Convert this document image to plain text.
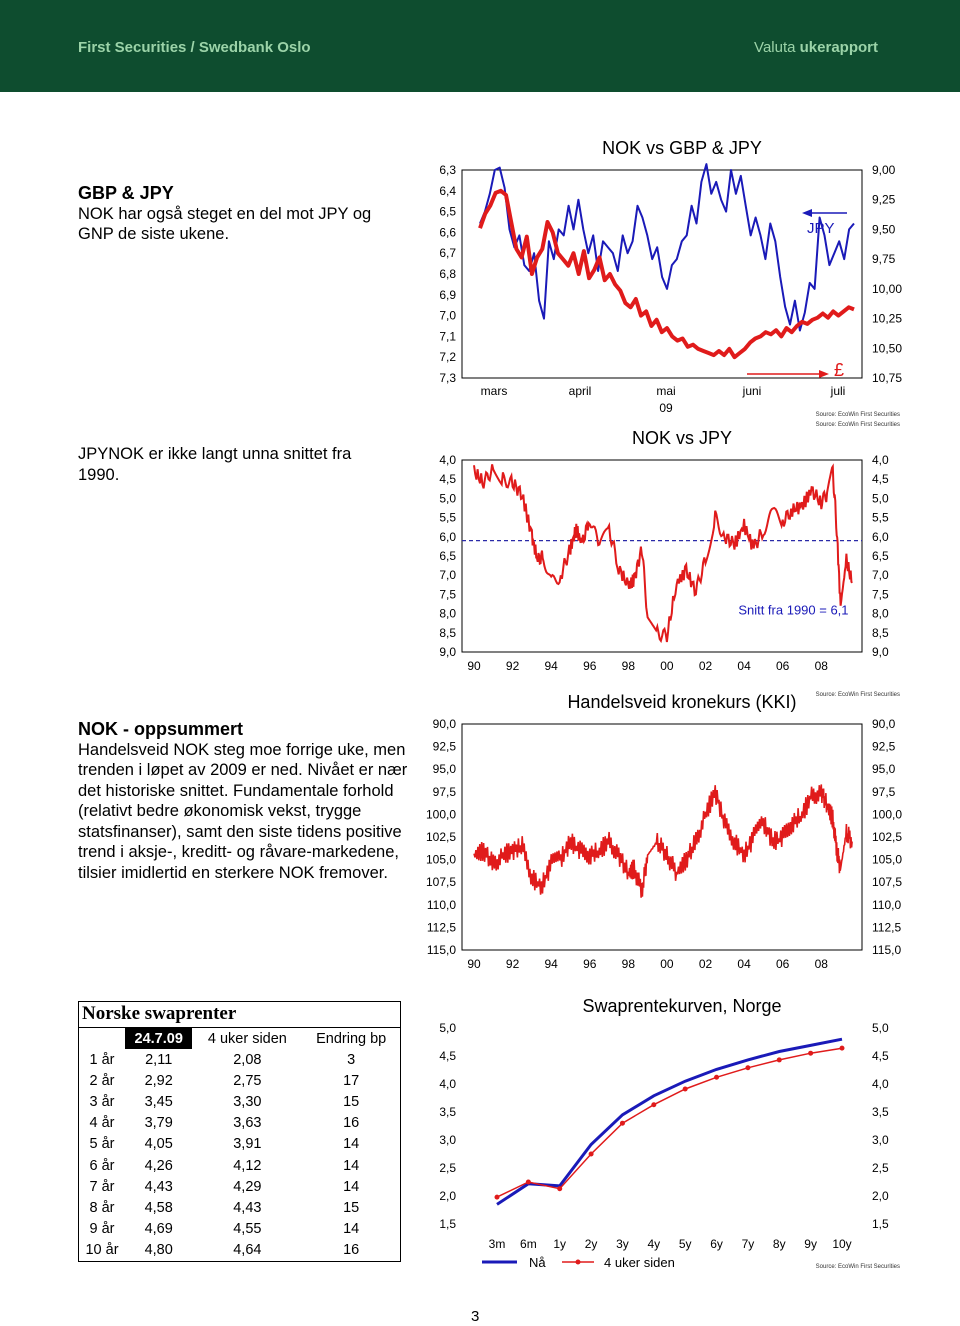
First Securities / Swedbank Oslo	Valuta ukerapport
GBP & JPY

NOK har også steget en del mot JPY og GNP de siste ukene.

JPYNOK er ikke langt unna snittet fra 1990.

NOK - oppsummert

Handelsveid NOK steg moe forrige uke, men trenden i løpet av 2009 er ned. Nivået er nær det historiske snittet. Fundamentale forhold (relativt bedre økonomisk vekst, trygge statsfinanser), samt den siste tidens positive trend i aksje-, kreditt- og råvare-markedene, tilsier imidlertid en sterkere NOK fremover.

NOK vs GBP & JPY
6,3
6,4
6,5
6,6
6,7
6,8
6,9
7,0
7,1
7,2
7,3
9,00
9,25
9,50
9,75
10,00
10,25
10,50
10,75
Source: EcoWin First Securities
mars	april	mai	juni	juli
09
JPY
£
NOK vs JPY
4,0
4,5
5,0
5,5
6,0
6,5
7,0
7,5
8,0
8,5
9,0
4,0
4,5
5,0
5,5
6,0
6,5
7,0
7,5
8,0
8,5
9,0
Source: EcoWin First Securities
90 92 94 96 98 00 02 04 06 08
Snitt fra 1990 = 6,1
Handelsveid kronekurs (KKI)
90,0
92,5
95,0
97,5
100,0
102,5
105,0
107,5
110,0
112,5
115,0
90,0
92,5
95,0
97,5
100,0
102,5
105,0
107,5
110,0
112,5
115,0
Source: EcoWin First Securities
90 92 94 96 98 00 02 04 06 08
Swaprentekurven, Norge
5,0
4,5
4,0
3,5
3,0
2,5
2,0
1,5
5,0
4,5
4,0
3,5
3,0
2,5
2,0
1,5
Source: EcoWin First Securities
3m 6m 1y 2y 3y 4y 5y 6y 7y 8y 9y 10y
Nå	4 uker siden
Norske swaprenter
	24.7.09	4 uker siden	Endring bp
1 år	2,11	2,08	3
2 år	2,92	2,75	17
3 år	3,45	3,30	15
4 år	3,79	3,63	16
5 år	4,05	3,91	14
6 år	4,26	4,12	14
7 år	4,43	4,29	14
8 år	4,58	4,43	15
9 år	4,69	4,55	14
10 år	4,80	4,64	16
3
